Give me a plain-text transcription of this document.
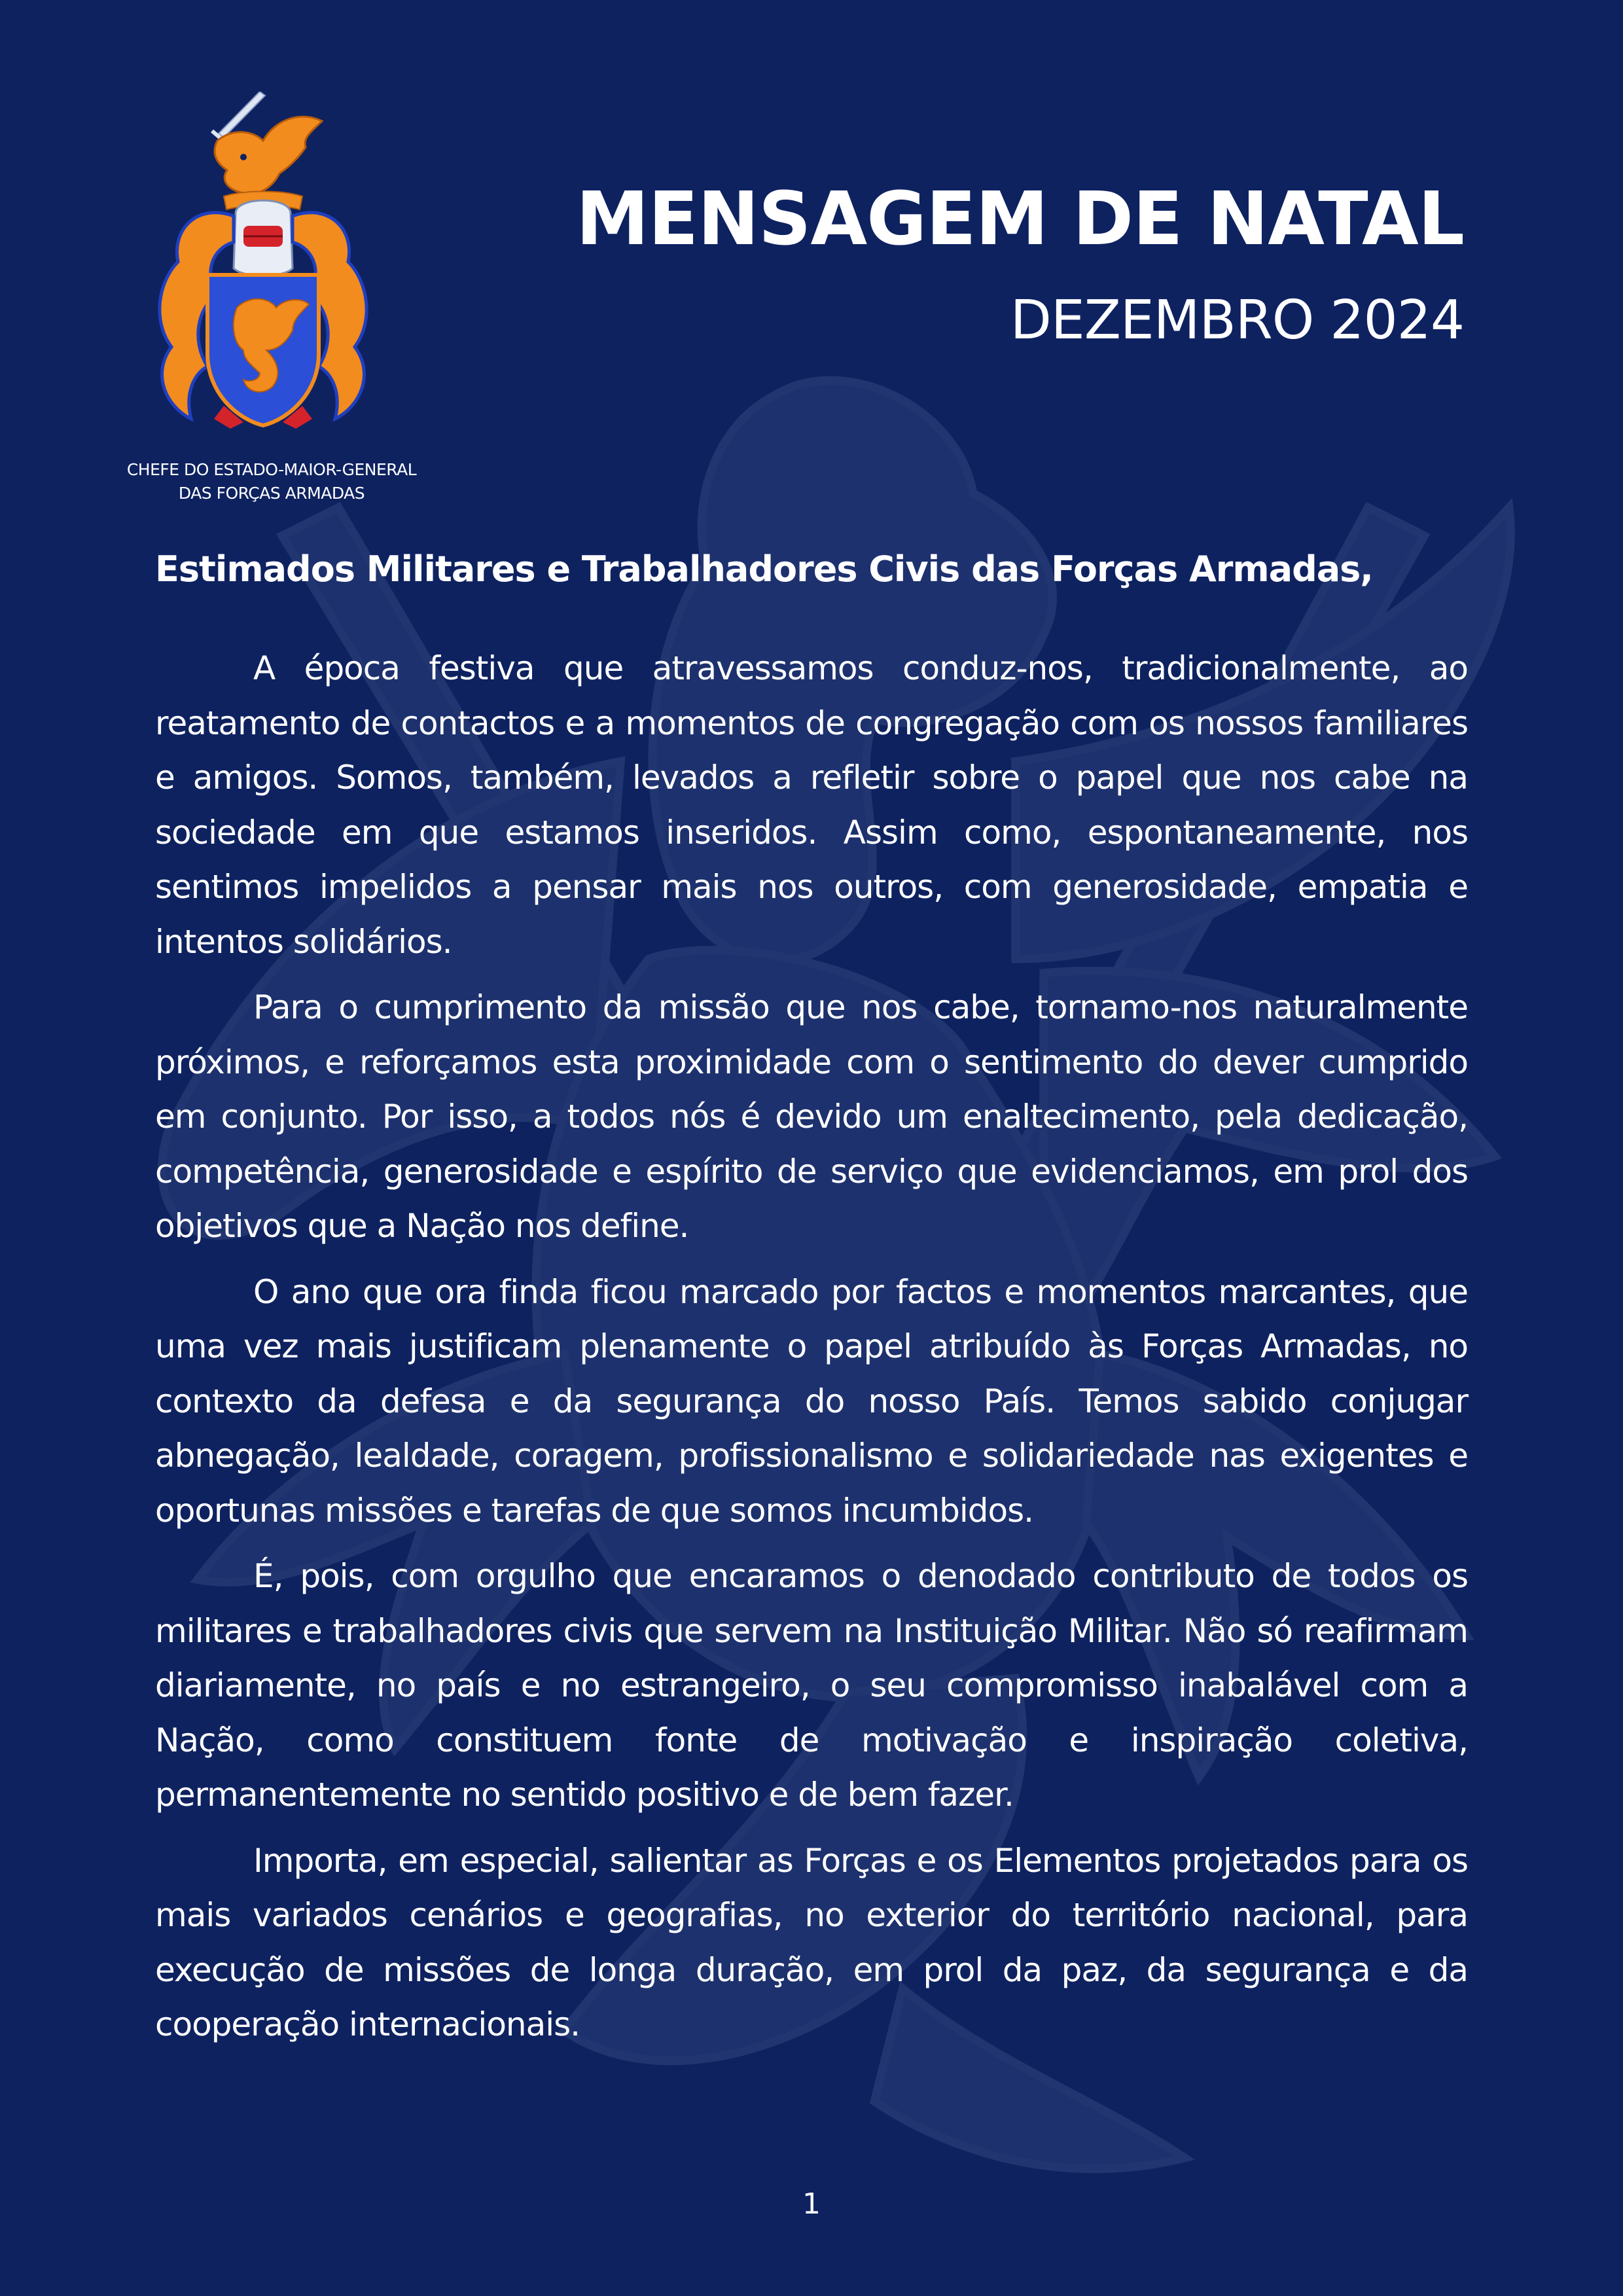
CHEFE DO ESTADO-MAIOR-GENERAL
DAS FORÇAS ARMADAS
MENSAGEM DE NATAL
DEZEMBRO 2024
Estimados Militares e Trabalhadores Civis das Forças Armadas,

A época festiva que atravessamos conduz-nos, tradicionalmente, ao reatamento de contactos e a momentos de congregação com os nossos familiares e amigos. Somos, também, levados a refletir sobre o papel que nos cabe na sociedade em que estamos inseridos. Assim como, espontaneamente, nos sentimos impelidos a pensar mais nos outros, com generosidade, empatia e intentos solidários.

Para o cumprimento da missão que nos cabe, tornamo-nos naturalmente próximos, e reforçamos esta proximidade com o sentimento do dever cumprido em conjunto. Por isso, a todos nós é devido um enaltecimento, pela dedicação, competência, generosidade e espírito de serviço que evidenciamos, em prol dos objetivos que a Nação nos define.

O ano que ora finda ficou marcado por factos e momentos marcantes, que uma vez mais justificam plenamente o papel atribuído às Forças Armadas, no contexto da defesa e da segurança do nosso País. Temos sabido conjugar abnegação, lealdade, coragem, profissionalismo e solidariedade nas exigentes e oportunas missões e tarefas de que somos incumbidos.

É, pois, com orgulho que encaramos o denodado contributo de todos os militares e trabalhadores civis que servem na Instituição Militar. Não só reafirmam diariamente, no país e no estrangeiro, o seu compromisso inabalável com a Nação, como constituem fonte de motivação e inspiração coletiva, permanentemente no sentido positivo e de bem fazer.

Importa, em especial, salientar as Forças e os Elementos projetados para os mais variados cenários e geografias, no exterior do território nacional, para execução de missões de longa duração, em prol da paz, da segurança e da cooperação internacionais.

1
